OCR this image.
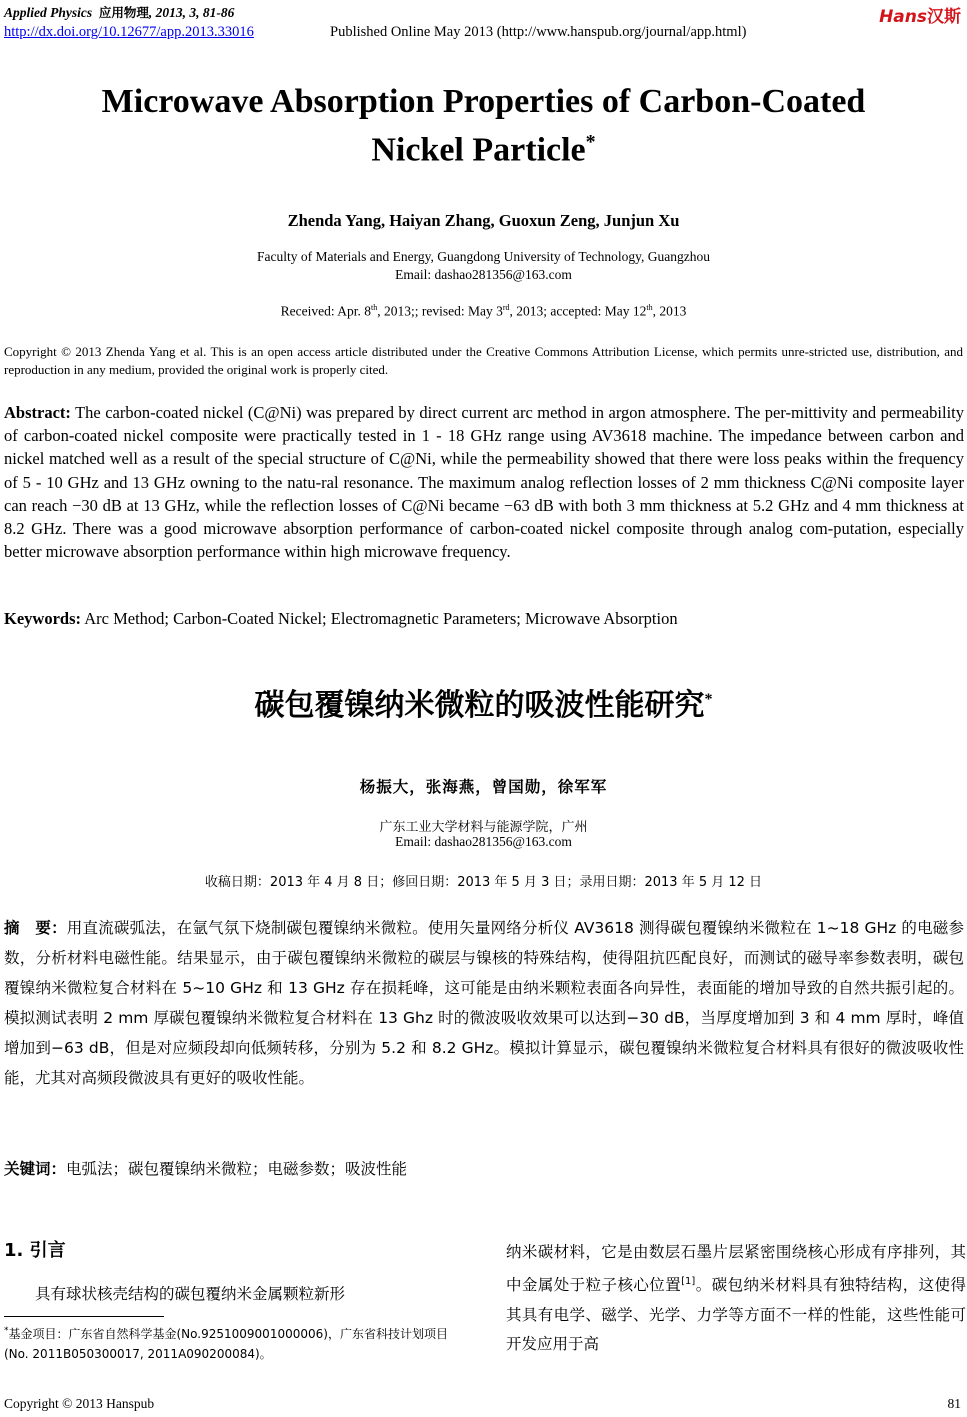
Applied Physics 应用物理, 2013, 3, 81-86
http://dx.doi.org/10.12677/app.2013.33016	Published Online May 2013 (http://www.hanspub.org/journal/app.html)
Hans汉斯
Microwave Absorption Properties of Carbon-Coated
Nickel Particle*
Zhenda Yang, Haiyan Zhang, Guoxun Zeng, Junjun Xu
Faculty of Materials and Energy, Guangdong University of Technology, Guangzhou
Email: dashao281356@163.com
Received: Apr. 8th, 2013;; revised: May 3rd, 2013; accepted: May 12th, 2013
Copyright © 2013 Zhenda Yang et al. This is an open access article distributed under the Creative Commons Attribution License, which permits unre-stricted use, distribution, and reproduction in any medium, provided the original work is properly cited.
Abstract: The carbon-coated nickel (C@Ni) was prepared by direct current arc method in argon atmosphere. The per-mittivity and permeability of carbon-coated nickel composite were practically tested in 1 - 18 GHz range using AV3618 machine. The impedance between carbon and nickel matched well as a result of the special structure of C@Ni, while the permeability showed that there were loss peaks within the frequency of 5 - 10 GHz and 13 GHz owning to the natu-ral resonance. The maximum analog reflection losses of 2 mm thickness C@Ni composite layer can reach −30 dB at 13 GHz, while the reflection losses of C@Ni became −63 dB with both 3 mm thickness at 5.2 GHz and 4 mm thickness at 8.2 GHz. There was a good microwave absorption performance of carbon-coated nickel composite through analog com-putation, especially better microwave absorption performance within high microwave frequency.
Keywords: Arc Method; Carbon-Coated Nickel; Electromagnetic Parameters; Microwave Absorption
碳包覆镍纳米微粒的吸波性能研究*
杨振大，张海燕，曾国勋，徐军军
广东工业大学材料与能源学院，广州
Email: dashao281356@163.com
收稿日期：2013 年 4 月 8 日；修回日期：2013 年 5 月 3 日；录用日期：2013 年 5 月 12 日
摘　要：用直流碳弧法，在氩气氛下烧制碳包覆镍纳米微粒。使用矢量网络分析仪 AV3618 测得碳包覆镍纳米微粒在 1~18 GHz 的电磁参数，分析材料电磁性能。结果显示，由于碳包覆镍纳米微粒的碳层与镍核的特殊结构，使得阻抗匹配良好，而测试的磁导率参数表明，碳包覆镍纳米微粒复合材料在 5~10 GHz 和 13 GHz 存在损耗峰，这可能是由纳米颗粒表面各向异性，表面能的增加导致的自然共振引起的。模拟测试表明 2 mm 厚碳包覆镍纳米微粒复合材料在 13 Ghz 时的微波吸收效果可以达到−30 dB，当厚度增加到 3 和 4 mm 厚时，峰值增加到−63 dB，但是对应频段却向低频转移，分别为 5.2 和 8.2 GHz。模拟计算显示，碳包覆镍纳米微粒复合材料具有很好的微波吸收性能，尤其对高频段微波具有更好的吸收性能。
关键词：电弧法；碳包覆镍纳米微粒；电磁参数；吸波性能
1. 引言
具有球状核壳结构的碳包覆纳米金属颗粒新形
*基金项目：广东省自然科学基金(No.9251009001000006)，广东省科技计划项目(No. 2011B050300017, 2011A090200084)。
纳米碳材料，它是由数层石墨片层紧密围绕核心形成有序排列，其中金属处于粒子核心位置[1]。碳包纳米材料具有独特结构，这使得其具有电学、磁学、光学、力学等方面不一样的性能，这些性能可开发应用于高
Copyright © 2013 Hanspub	81
